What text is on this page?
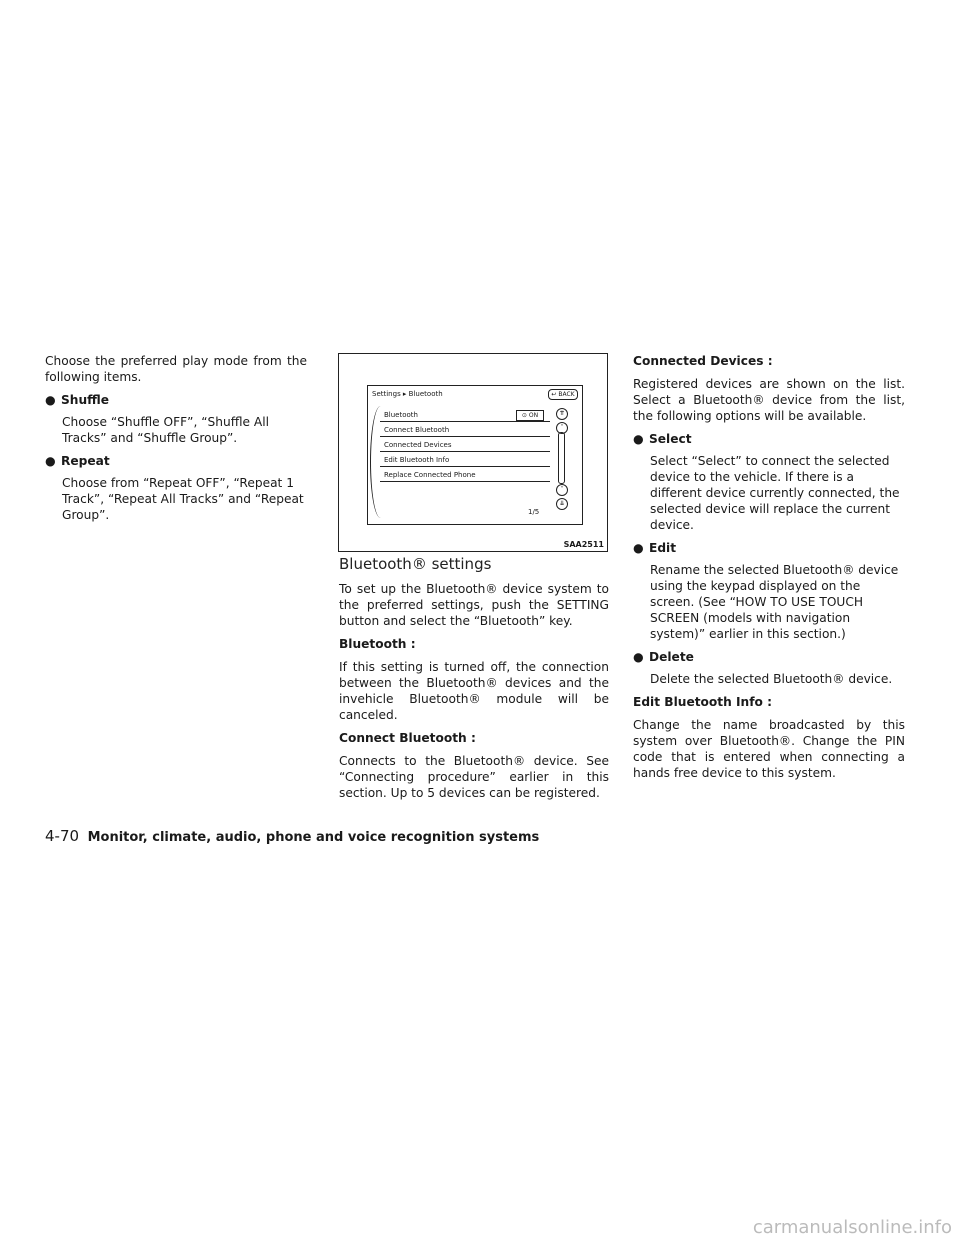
Choose the preferred play mode from the following items.

● Shuffle

Choose “Shuffle OFF”, “Shuffle All Tracks” and “Shuffle Group”.

● Repeat

Choose from “Repeat OFF”, “Repeat 1 Track”, “Repeat All Tracks” and “Repeat Group”.

Settings ▸ Bluetooth	↩ BACK
Bluetooth	⊙ ON
Connect Bluetooth
Connected Devices
Edit Bluetooth Info
Replace Connected Phone
⇈
˄
˅
⇊
1/5
SAA2511
Bluetooth® settings

To set up the Bluetooth® device system to the preferred settings, push the SETTING button and select the “Bluetooth” key.

Bluetooth :

If this setting is turned off, the connection between the Bluetooth® devices and the invehicle Bluetooth® module will be canceled.

Connect Bluetooth :

Connects to the Bluetooth® device. See “Connecting procedure” earlier in this section. Up to 5 devices can be registered.

Connected Devices :

Registered devices are shown on the list. Select a Bluetooth® device from the list, the following options will be available.

● Select

Select “Select” to connect the selected device to the vehicle. If there is a different device currently connected, the selected device will replace the current device.

● Edit

Rename the selected Bluetooth® device using the keypad displayed on the screen. (See “HOW TO USE TOUCH SCREEN (models with navigation system)” earlier in this section.)

● Delete

Delete the selected Bluetooth® device.

Edit Bluetooth Info :

Change the name broadcasted by this system over Bluetooth®. Change the PIN code that is entered when connecting a hands free device to this system.

4-70 Monitor, climate, audio, phone and voice recognition systems
carmanualsonline.info
